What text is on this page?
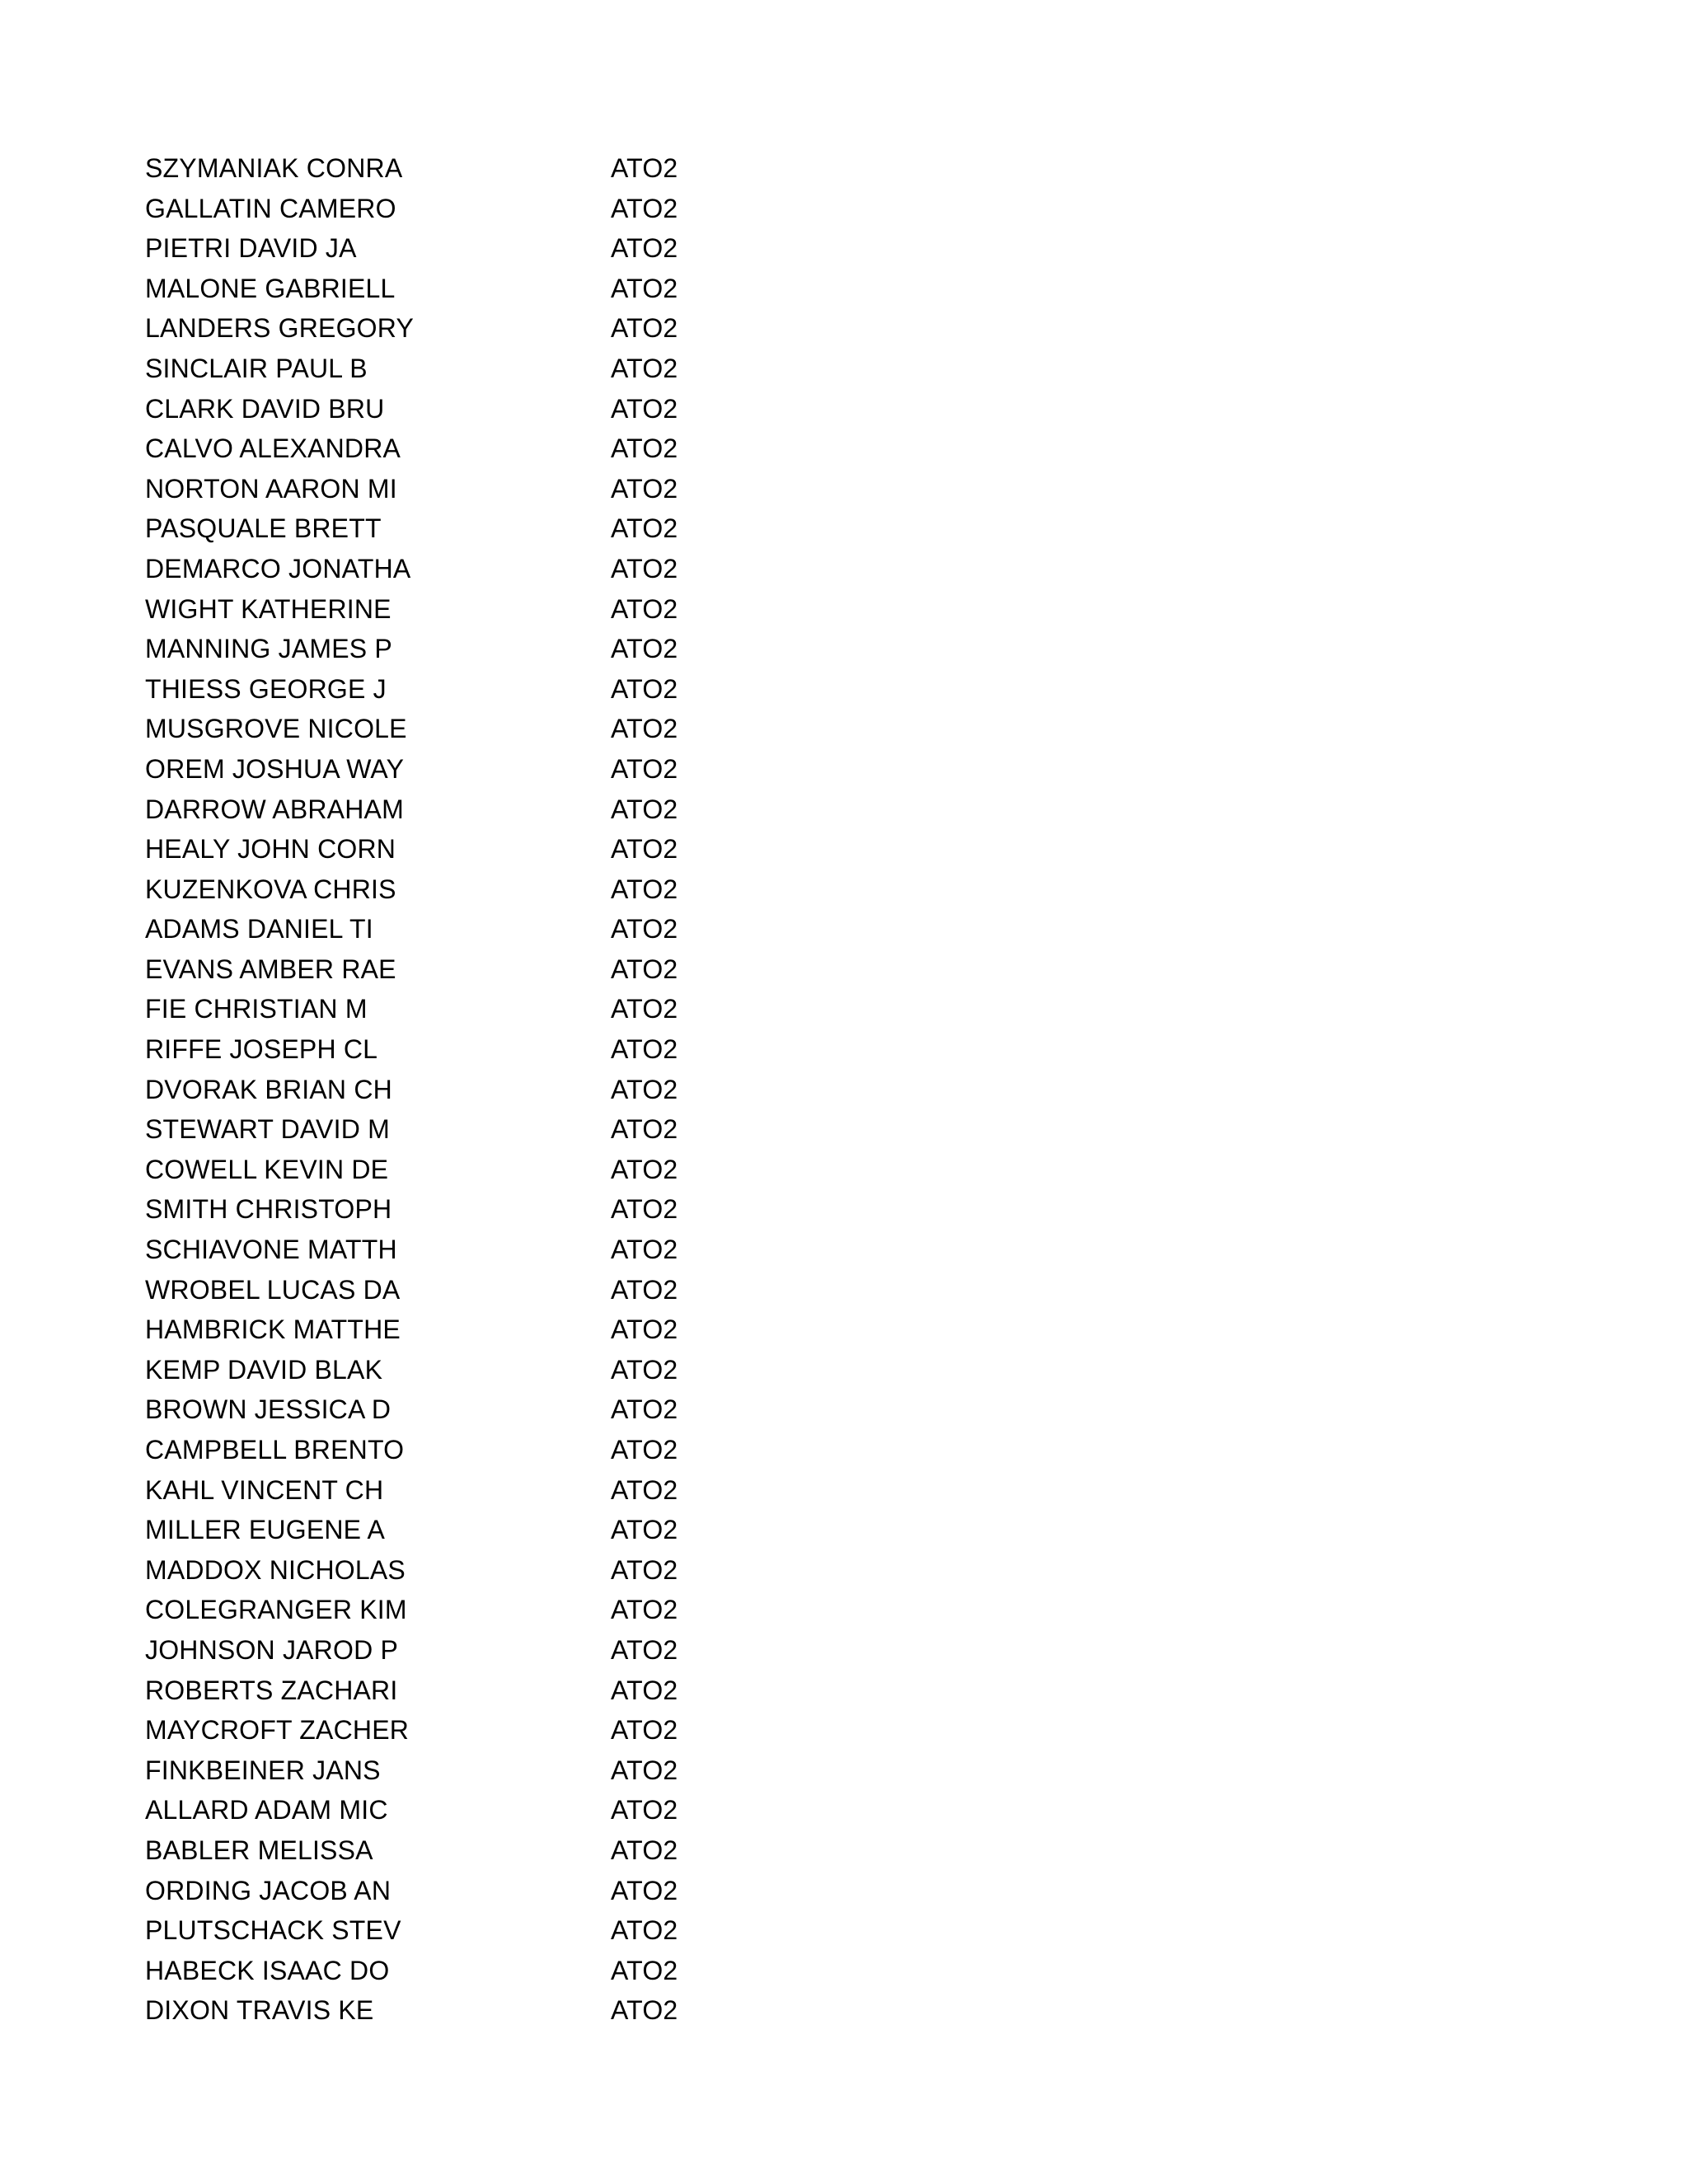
SZYMANIAK CONRA	ATO2
GALLATIN CAMERO	ATO2
PIETRI DAVID JA	ATO2
MALONE GABRIELL	ATO2
LANDERS GREGORY	ATO2
SINCLAIR PAUL B	ATO2
CLARK DAVID BRU	ATO2
CALVO ALEXANDRA	ATO2
NORTON AARON MI	ATO2
PASQUALE BRETT	ATO2
DEMARCO JONATHA	ATO2
WIGHT KATHERINE	ATO2
MANNING JAMES P	ATO2
THIESS GEORGE J	ATO2
MUSGROVE NICOLE	ATO2
OREM JOSHUA WAY	ATO2
DARROW ABRAHAM	ATO2
HEALY JOHN CORN	ATO2
KUZENKOVA CHRIS	ATO2
ADAMS DANIEL TI	ATO2
EVANS AMBER RAE	ATO2
FIE CHRISTIAN M	ATO2
RIFFE JOSEPH CL	ATO2
DVORAK BRIAN CH	ATO2
STEWART DAVID M	ATO2
COWELL KEVIN DE	ATO2
SMITH CHRISTOPH	ATO2
SCHIAVONE MATTH	ATO2
WROBEL LUCAS DA	ATO2
HAMBRICK MATTHE	ATO2
KEMP DAVID BLAK	ATO2
BROWN JESSICA D	ATO2
CAMPBELL BRENTO	ATO2
KAHL VINCENT CH	ATO2
MILLER EUGENE A	ATO2
MADDOX NICHOLAS	ATO2
COLEGRANGER KIM	ATO2
JOHNSON JAROD P	ATO2
ROBERTS ZACHARI	ATO2
MAYCROFT ZACHER	ATO2
FINKBEINER JANS	ATO2
ALLARD ADAM MIC	ATO2
BABLER MELISSA	ATO2
ORDING JACOB AN	ATO2
PLUTSCHACK STEV	ATO2
HABECK ISAAC DO	ATO2
DIXON TRAVIS KE	ATO2
